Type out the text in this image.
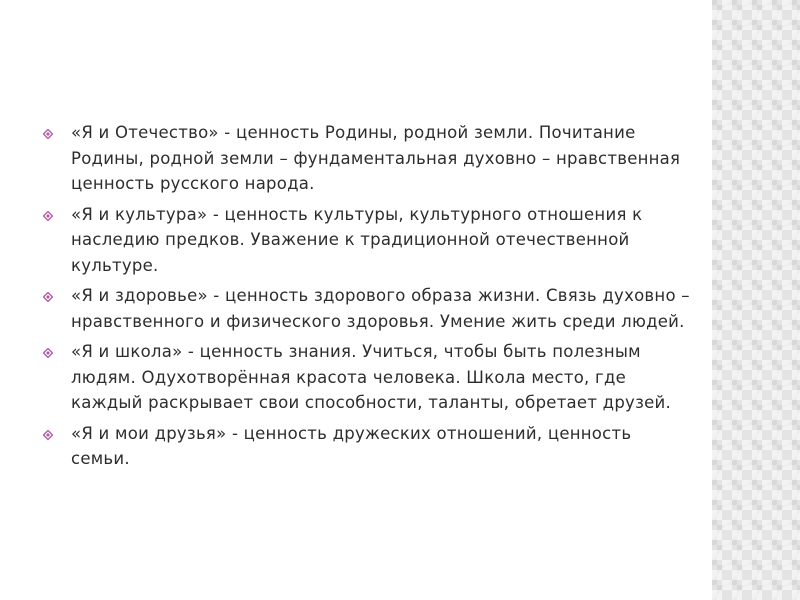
«Я и Отечество» - ценность Родины, родной земли. Почитание Родины, родной земли – фундаментальная духовно – нравственная ценность русского народа.
«Я и культура» - ценность культуры, культурного отношения к наследию предков. Уважение к традиционной отечественной культуре.
«Я и здоровье» - ценность здорового образа жизни. Связь духовно – нравственного и физического здоровья. Умение жить среди людей.
«Я и школа» - ценность знания. Учиться, чтобы быть полезным людям. Одухотворённая красота человека. Школа место, где каждый раскрывает свои способности, таланты, обретает друзей.
«Я и мои друзья» - ценность дружеских отношений, ценность семьи.
